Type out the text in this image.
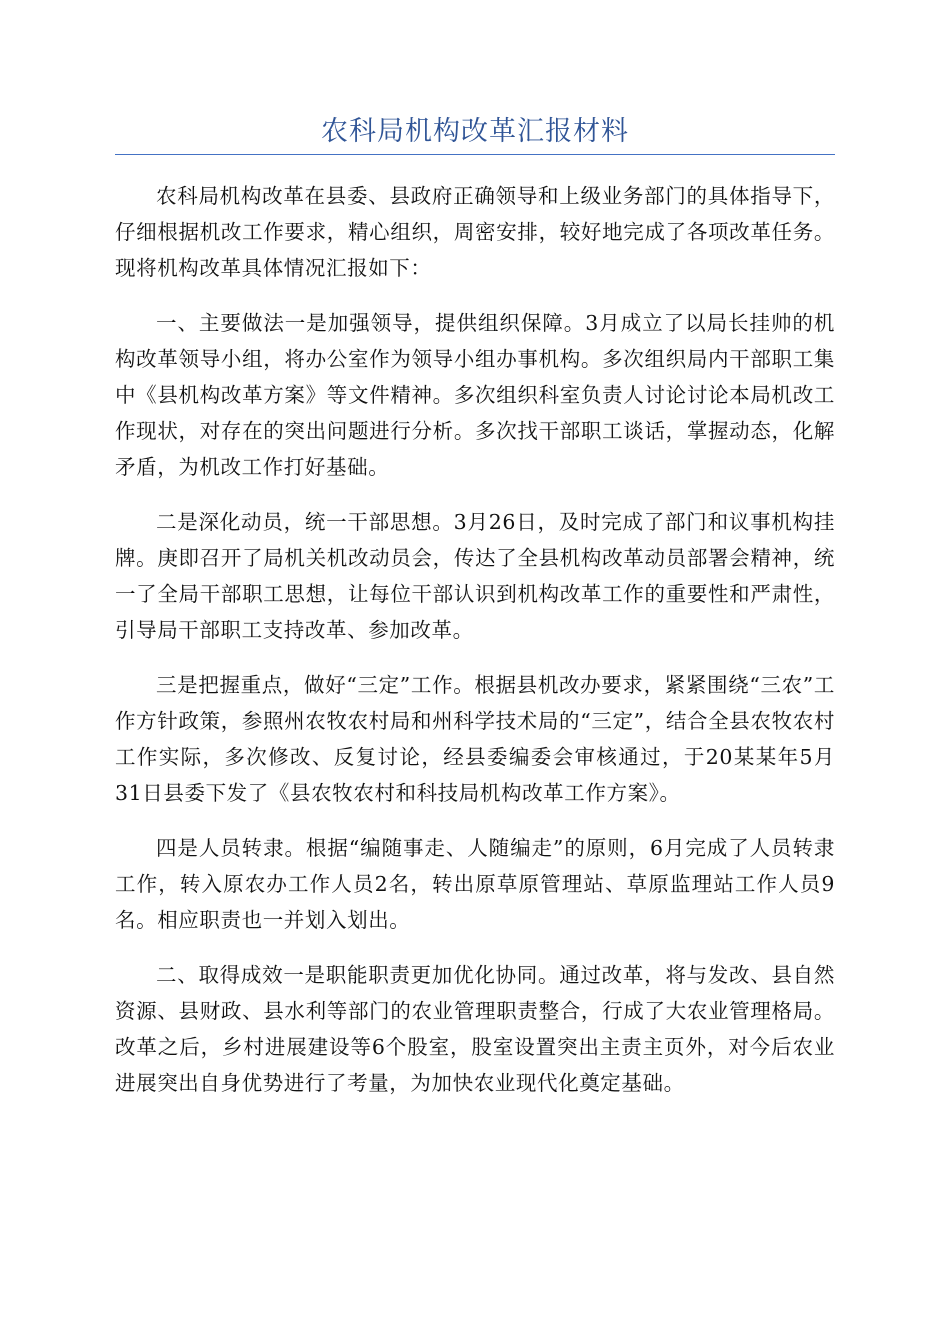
农科局机构改革汇报材料

农科局机构改革在县委、县政府正确领导和上级业务部门的具体指导下，仔细根据机改工作要求，精心组织，周密安排，较好地完成了各项改革任务。现将机构改革具体情况汇报如下：

一、主要做法一是加强领导，提供组织保障。3月成立了以局长挂帅的机构改革领导小组，将办公室作为领导小组办事机构。多次组织局内干部职工集中《县机构改革方案》等文件精神。多次组织科室负责人讨论讨论本局机改工作现状，对存在的突出问题进行分析。多次找干部职工谈话，掌握动态，化解矛盾，为机改工作打好基础。

二是深化动员，统一干部思想。3月26日，及时完成了部门和议事机构挂牌。庚即召开了局机关机改动员会，传达了全县机构改革动员部署会精神，统一了全局干部职工思想，让每位干部认识到机构改革工作的重要性和严肃性，引导局干部职工支持改革、参加改革。

三是把握重点，做好“三定”工作。根据县机改办要求，紧紧围绕“三农”工作方针政策，参照州农牧农村局和州科学技术局的“三定”，结合全县农牧农村工作实际，多次修改、反复讨论，经县委编委会审核通过，于20某某年5月31日县委下发了《县农牧农村和科技局机构改革工作方案》。

四是人员转隶。根据“编随事走、人随编走”的原则，6月完成了人员转隶工作，转入原农办工作人员2名，转出原草原管理站、草原监理站工作人员9名。相应职责也一并划入划出。

二、取得成效一是职能职责更加优化协同。通过改革，将与发改、县自然资源、县财政、县水利等部门的农业管理职责整合，行成了大农业管理格局。改革之后，乡村进展建设等6个股室，股室设置突出主责主页外，对今后农业进展突出自身优势进行了考量，为加快农业现代化奠定基础。
